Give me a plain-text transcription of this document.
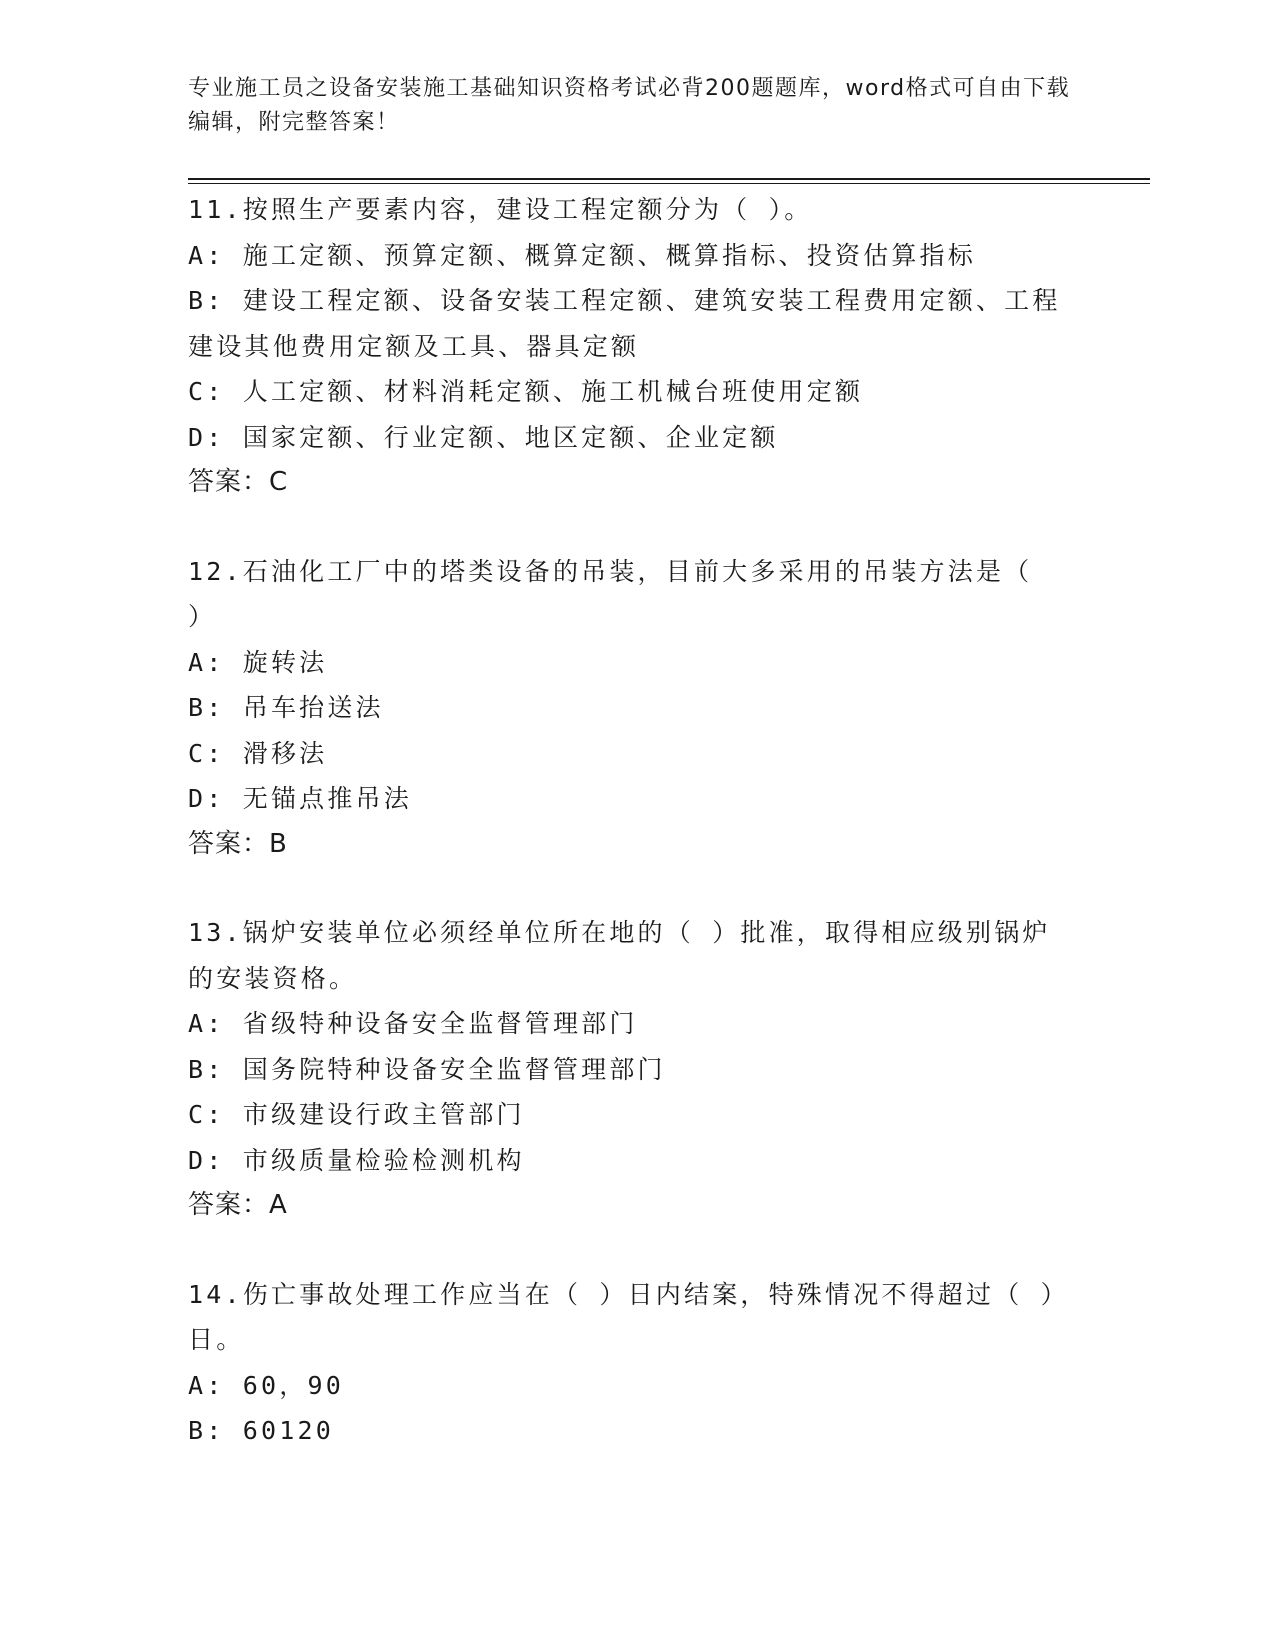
专业施工员之设备安装施工基础知识资格考试必背200题题库，word格式可自由下载编辑，附完整答案！
11.按照生产要素内容，建设工程定额分为（ ）。
A: 施工定额、预算定额、概算定额、概算指标、投资估算指标
B: 建设工程定额、设备安装工程定额、建筑安装工程费用定额、工程
建设其他费用定额及工具、器具定额
C: 人工定额、材料消耗定额、施工机械台班使用定额
D: 国家定额、行业定额、地区定额、企业定额
答案：C
12.石油化工厂中的塔类设备的吊装，目前大多采用的吊装方法是（
）
A: 旋转法
B: 吊车抬送法
C: 滑移法
D: 无锚点推吊法
答案：B
13.锅炉安装单位必须经单位所在地的（ ）批准，取得相应级别锅炉
的安装资格。
A: 省级特种设备安全监督管理部门
B: 国务院特种设备安全监督管理部门
C: 市级建设行政主管部门
D: 市级质量检验检测机构
答案：A
14.伤亡事故处理工作应当在（ ）日内结案，特殊情况不得超过（ ）
日。
A: 60，90
B: 60120
